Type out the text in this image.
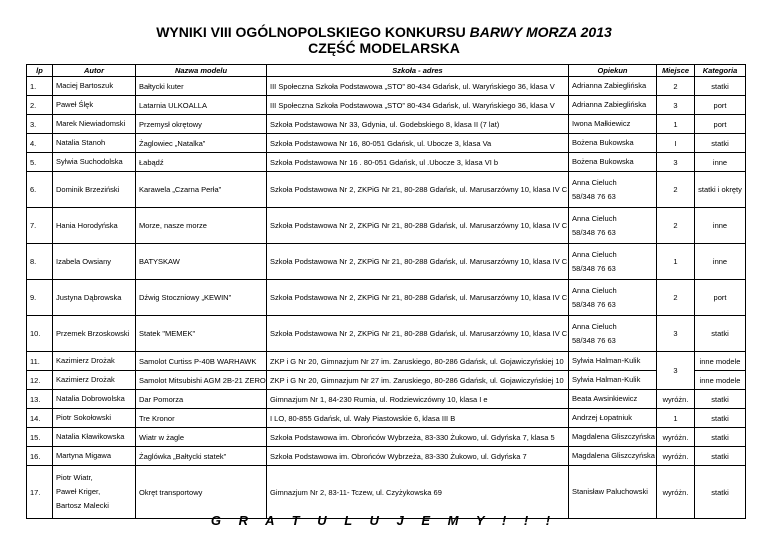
WYNIKI VIII OGÓLNOPOLSKIEGO KONKURSU BARWY MORZA 2013
CZĘŚĆ MODELARSKA
lp	Autor	Nazwa modelu	Szkoła - adres	Opiekun	Miejsce	Kategoria
1.	Maciej Bartoszuk	Bałtycki kuter	III Społeczna Szkoła Podstawowa „STO” 80-434 Gdańsk, ul. Waryńskiego 36, klasa V	Adrianna Zabieglińska	2	statki
2.	Paweł Ślęk	Latarnia ULKOALLA	III Społeczna Szkoła Podstawowa „STO” 80-434 Gdańsk, ul. Waryńskiego 36, klasa V	Adrianna Zabieglińska	3	port
3.	Marek Niewiadomski	Przemysł okrętowy	Szkoła Podstawowa Nr 33, Gdynia, ul. Godebskiego 8, klasa II (7 lat)	Iwona Małkiewicz	1	port
4.	Natalia Stanoh	Żaglowiec „Natalka”	Szkoła Podstawowa Nr 16, 80-051 Gdańsk, ul. Ubocze 3, klasa Va	Bożena Bukowska	I	statki
5.	Sylwia Suchodolska	Łabądź	Szkoła Podstawowa Nr 16 . 80-051 Gdańsk, ul .Ubocze 3, klasa VI b	Bożena Bukowska	3	inne
6.	Dominik Brzeziński	Karawela „Czarna Perła”	Szkoła Podstawowa Nr 2, ZKPiG Nr 21, 80-288 Gdańsk, ul. Marusarzówny 10, klasa IV C	Anna Cieluch
58/348 76 63	2	statki i okręty
7.	Hania Horodyńska	Morze, nasze morze	Szkoła Podstawowa Nr 2, ZKPiG Nr 21, 80-288 Gdańsk, ul. Marusarzówny 10, klasa IV C	Anna Cieluch
58/348 76 63	2	inne
8.	Izabela Owsiany	BATYSKAW	Szkoła Podstawowa Nr 2, ZKPiG Nr 21, 80-288 Gdańsk, ul. Marusarzówny 10, klasa IV C	Anna Cieluch
58/348 76 63	1	inne
9.	Justyna Dąbrowska	Dźwig Stoczniowy „KEWIN”	Szkoła Podstawowa Nr 2, ZKPiG Nr 21, 80-288 Gdańsk, ul. Marusarzówny 10, klasa IV C	Anna Cieluch
58/348 76 63	2	port
10.	Przemek Brzoskowski	Statek "MEMEK"	Szkoła Podstawowa Nr 2, ZKPiG Nr 21, 80-288 Gdańsk, ul. Marusarzówny 10, klasa IV C	Anna Cieluch
58/348 76 63	3	statki
11.	Kazimierz Drożak	Samolot Curtiss P-40B WARHAWK	ZKP i G Nr 20, Gimnazjum Nr 27 im. Zaruskiego, 80-286 Gdańsk, ul. Gojawiczyńskiej 10	Sylwia Halman-Kulik	3	inne modele
12.	Kazimierz Drożak	Samolot Mitsubishi AGM 2B-21 ZERO	ZKP i G Nr 20, Gimnazjum Nr 27 im. Zaruskiego, 80-286 Gdańsk, ul. Gojawiczyńskiej 10	Sylwia Halman-Kulik		inne modele
13.	Natalia Dobrowolska	Dar Pomorza	Gimnazjum Nr 1, 84-230 Rumia, ul. Rodziewiczówny 10, klasa I e	Beata Awsinkiewicz	wyróżn.	statki
14.	Piotr Sokołowski	Tre Kronor	I LO, 80-855 Gdańsk, ul. Wały Piastowskie 6, klasa III B	Andrzej Łopatniuk	1	statki
15.	Natalia Kławikowska	Wiatr w żagle	Szkoła Podstawowa im. Obrońców Wybrzeża, 83-330 Żukowo, ul. Gdyńska 7, klasa 5	Magdalena Gliszczyńska	wyróżn.	statki
16.	Martyna Migawa	Żaglówka „Bałtycki statek”	Szkoła Podstawowa im. Obrońców Wybrzeża, 83-330 Żukowo, ul. Gdyńska 7	Magdalena Gliszczyńska	wyróżn.	statki
17.	Piotr Wiatr,
Paweł Kriger,
Bartosz Malecki	Okręt transportowy	Gimnazjum Nr 2, 83-11- Tczew, ul. Czyżykowska 69	Stanisław Paluchowski	wyróżn.	statki
G R A T U L U J E M Y ! ! !
